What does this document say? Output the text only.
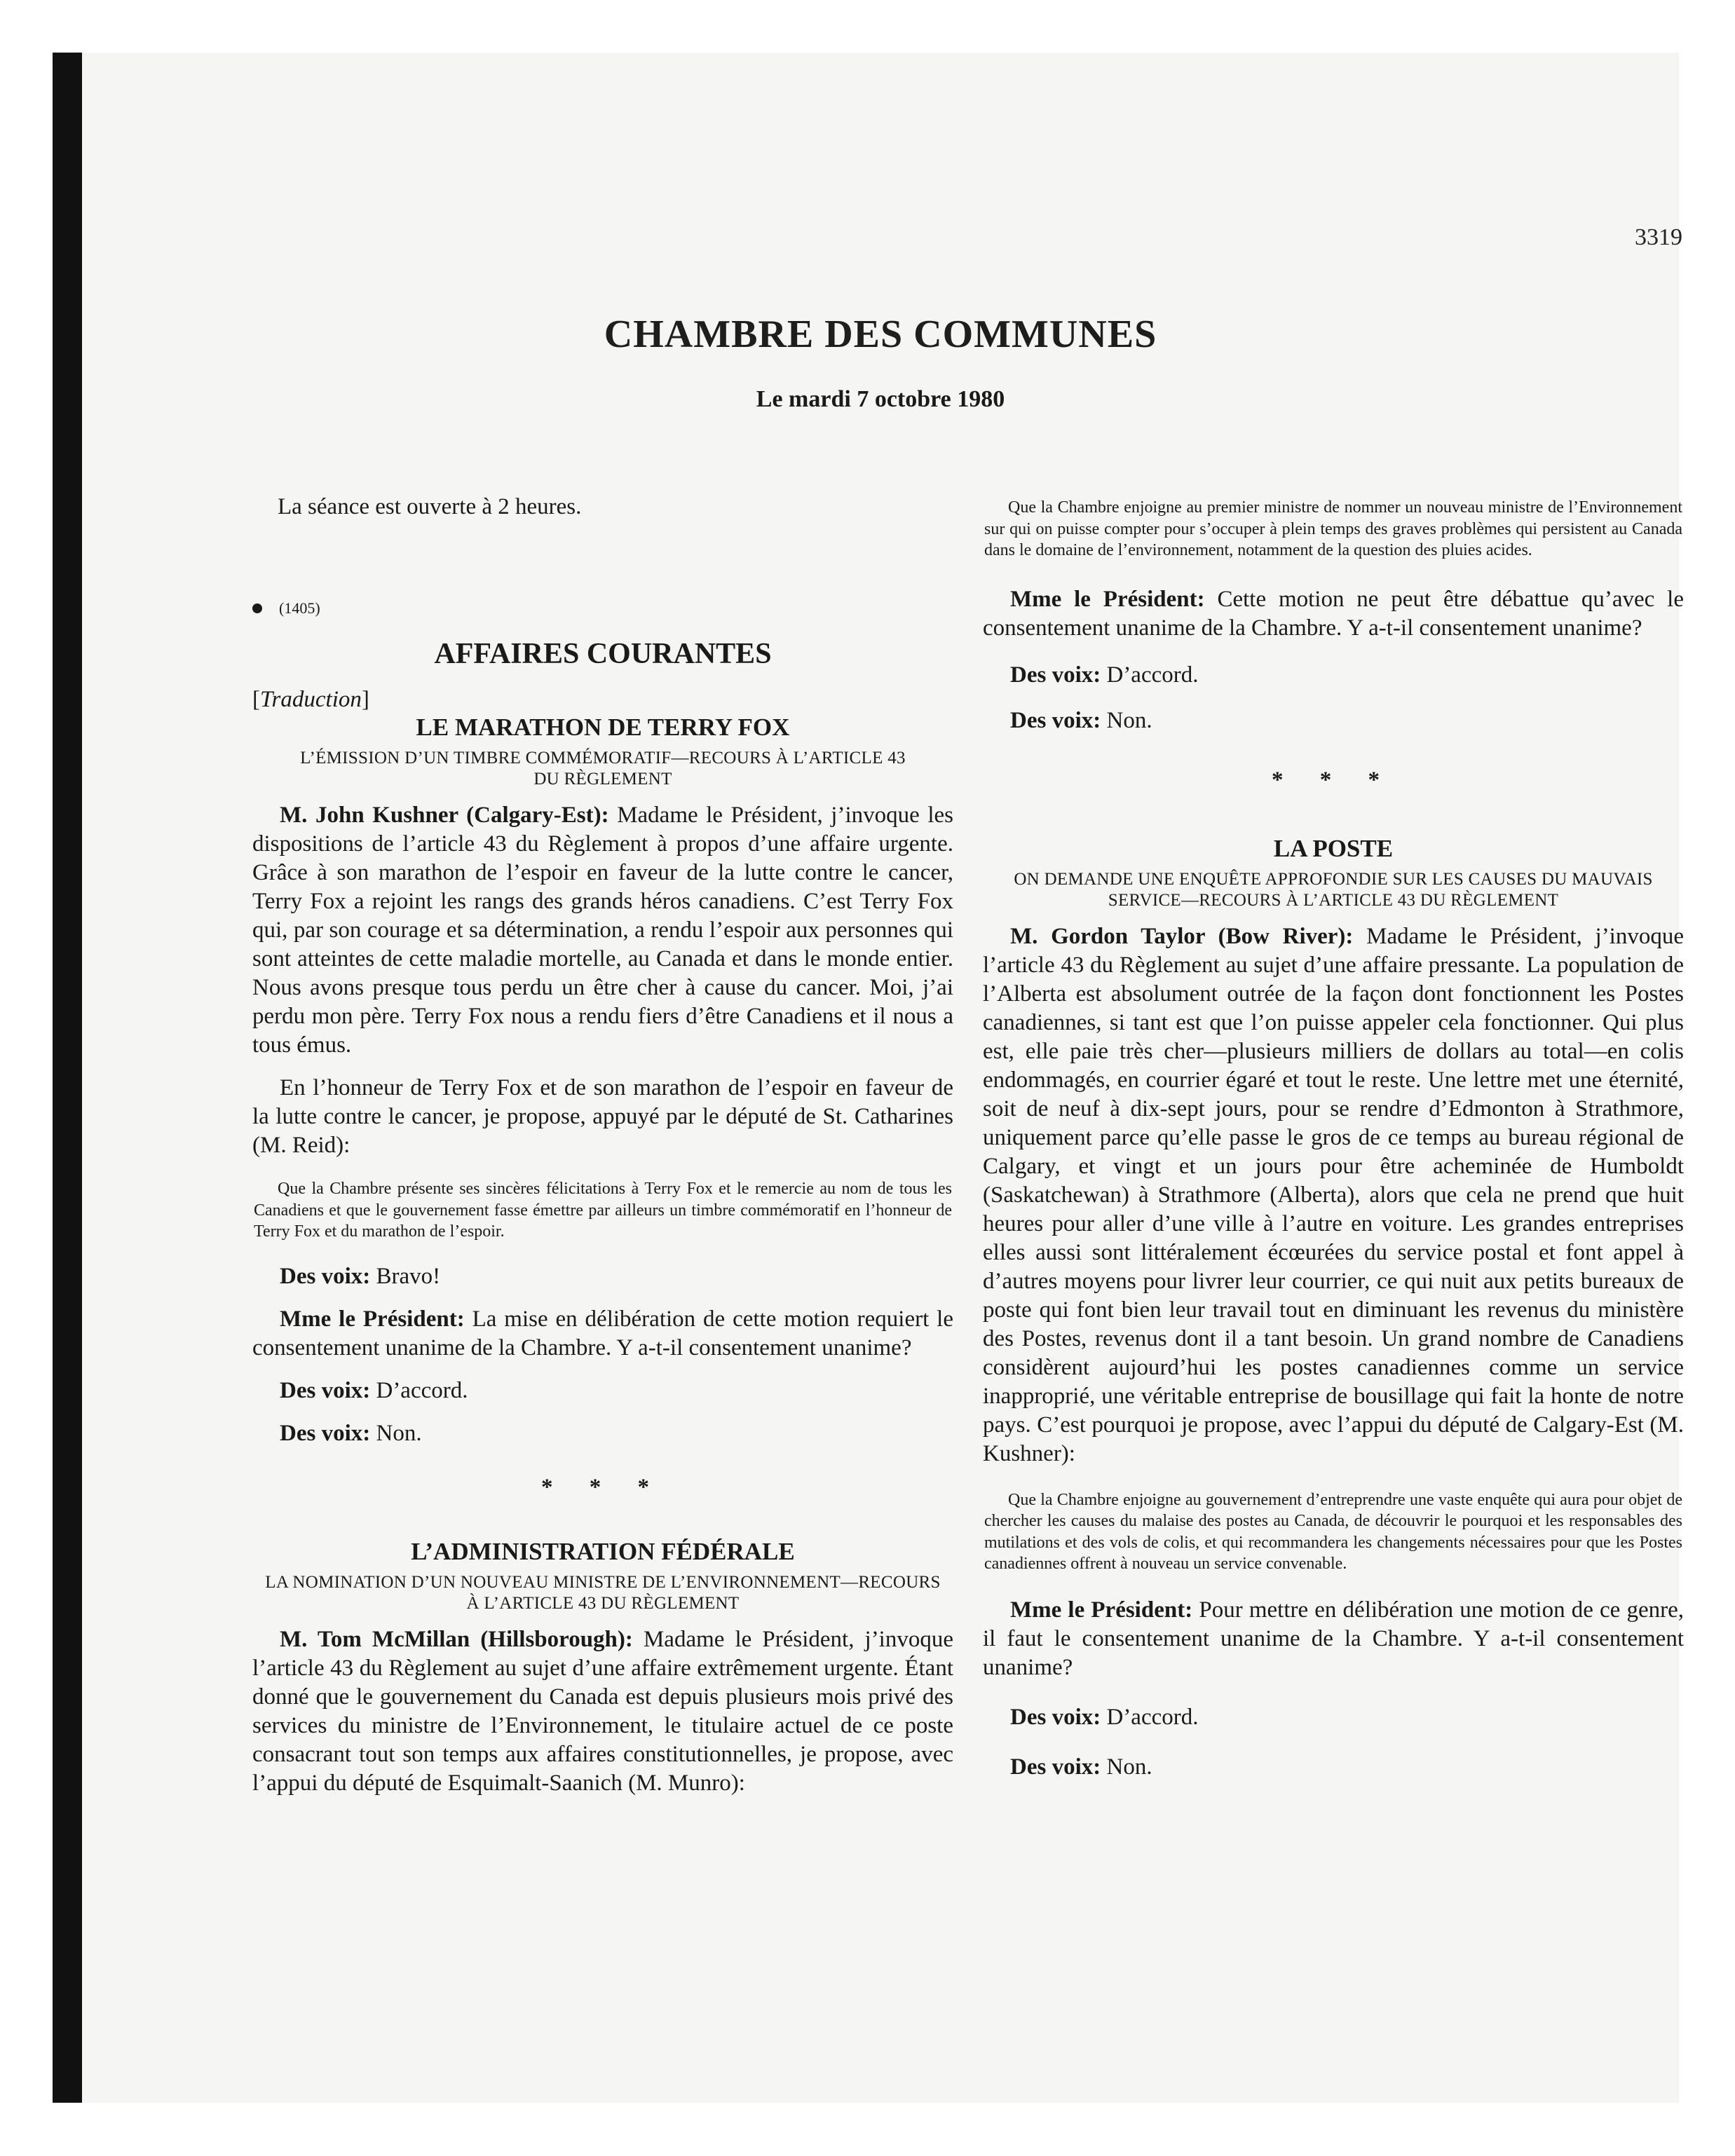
3319
CHAMBRE DES COMMUNES
Le mardi 7 octobre 1980

La séance est ouverte à 2 heures.

(1405)

AFFAIRES COURANTES

[Traduction]

LE MARATHON DE TERRY FOX

L’ÉMISSION D’UN TIMBRE COMMÉMORATIF—RECOURS À L’ARTICLE 43 DU RÈGLEMENT

M. John Kushner (Calgary-Est): Madame le Président, j’invoque les dispositions de l’article 43 du Règlement à propos d’une affaire urgente. Grâce à son marathon de l’espoir en faveur de la lutte contre le cancer, Terry Fox a rejoint les rangs des grands héros canadiens. C’est Terry Fox qui, par son courage et sa détermination, a rendu l’espoir aux personnes qui sont atteintes de cette maladie mortelle, au Canada et dans le monde entier. Nous avons presque tous perdu un être cher à cause du cancer. Moi, j’ai perdu mon père. Terry Fox nous a rendu fiers d’être Canadiens et il nous a tous émus.

En l’honneur de Terry Fox et de son marathon de l’espoir en faveur de la lutte contre le cancer, je propose, appuyé par le député de St. Catharines (M. Reid):

Que la Chambre présente ses sincères félicitations à Terry Fox et le remercie au nom de tous les Canadiens et que le gouvernement fasse émettre par ailleurs un timbre commémoratif en l’honneur de Terry Fox et du marathon de l’espoir.

Des voix: Bravo!

Mme le Président: La mise en délibération de cette motion requiert le consentement unanime de la Chambre. Y a-t-il consentement unanime?

Des voix: D’accord.

Des voix: Non.

* * *

L’ADMINISTRATION FÉDÉRALE

LA NOMINATION D’UN NOUVEAU MINISTRE DE L’ENVIRONNEMENT—RECOURS À L’ARTICLE 43 DU RÈGLEMENT

M. Tom McMillan (Hillsborough): Madame le Président, j’invoque l’article 43 du Règlement au sujet d’une affaire extrêmement urgente. Étant donné que le gouvernement du Canada est depuis plusieurs mois privé des services du ministre de l’Environnement, le titulaire actuel de ce poste consacrant tout son temps aux affaires constitutionnelles, je propose, avec l’appui du député de Esquimalt-Saanich (M. Munro):

Que la Chambre enjoigne au premier ministre de nommer un nouveau ministre de l’Environnement sur qui on puisse compter pour s’occuper à plein temps des graves problèmes qui persistent au Canada dans le domaine de l’environnement, notamment de la question des pluies acides.

Mme le Président: Cette motion ne peut être débattue qu’avec le consentement unanime de la Chambre. Y a-t-il consentement unanime?

Des voix: D’accord.

Des voix: Non.

* * *

LA POSTE

ON DEMANDE UNE ENQUÊTE APPROFONDIE SUR LES CAUSES DU MAUVAIS SERVICE—RECOURS À L’ARTICLE 43 DU RÈGLEMENT

M. Gordon Taylor (Bow River): Madame le Président, j’invoque l’article 43 du Règlement au sujet d’une affaire pressante. La population de l’Alberta est absolument outrée de la façon dont fonctionnent les Postes canadiennes, si tant est que l’on puisse appeler cela fonctionner. Qui plus est, elle paie très cher—plusieurs milliers de dollars au total—en colis endommagés, en courrier égaré et tout le reste. Une lettre met une éternité, soit de neuf à dix-sept jours, pour se rendre d’Edmonton à Strathmore, uniquement parce qu’elle passe le gros de ce temps au bureau régional de Calgary, et vingt et un jours pour être acheminée de Humboldt (Saskatchewan) à Strathmore (Alberta), alors que cela ne prend que huit heures pour aller d’une ville à l’autre en voiture. Les grandes entreprises elles aussi sont littéralement écœurées du service postal et font appel à d’autres moyens pour livrer leur courrier, ce qui nuit aux petits bureaux de poste qui font bien leur travail tout en diminuant les revenus du ministère des Postes, revenus dont il a tant besoin. Un grand nombre de Canadiens considèrent aujourd’hui les postes canadiennes comme un service inapproprié, une véritable entreprise de bousillage qui fait la honte de notre pays. C’est pourquoi je propose, avec l’appui du député de Calgary-Est (M. Kushner):

Que la Chambre enjoigne au gouvernement d’entreprendre une vaste enquête qui aura pour objet de chercher les causes du malaise des postes au Canada, de découvrir le pourquoi et les responsables des mutilations et des vols de colis, et qui recommandera les changements nécessaires pour que les Postes canadiennes offrent à nouveau un service convenable.

Mme le Président: Pour mettre en délibération une motion de ce genre, il faut le consentement unanime de la Chambre. Y a-t-il consentement unanime?

Des voix: D’accord.

Des voix: Non.
